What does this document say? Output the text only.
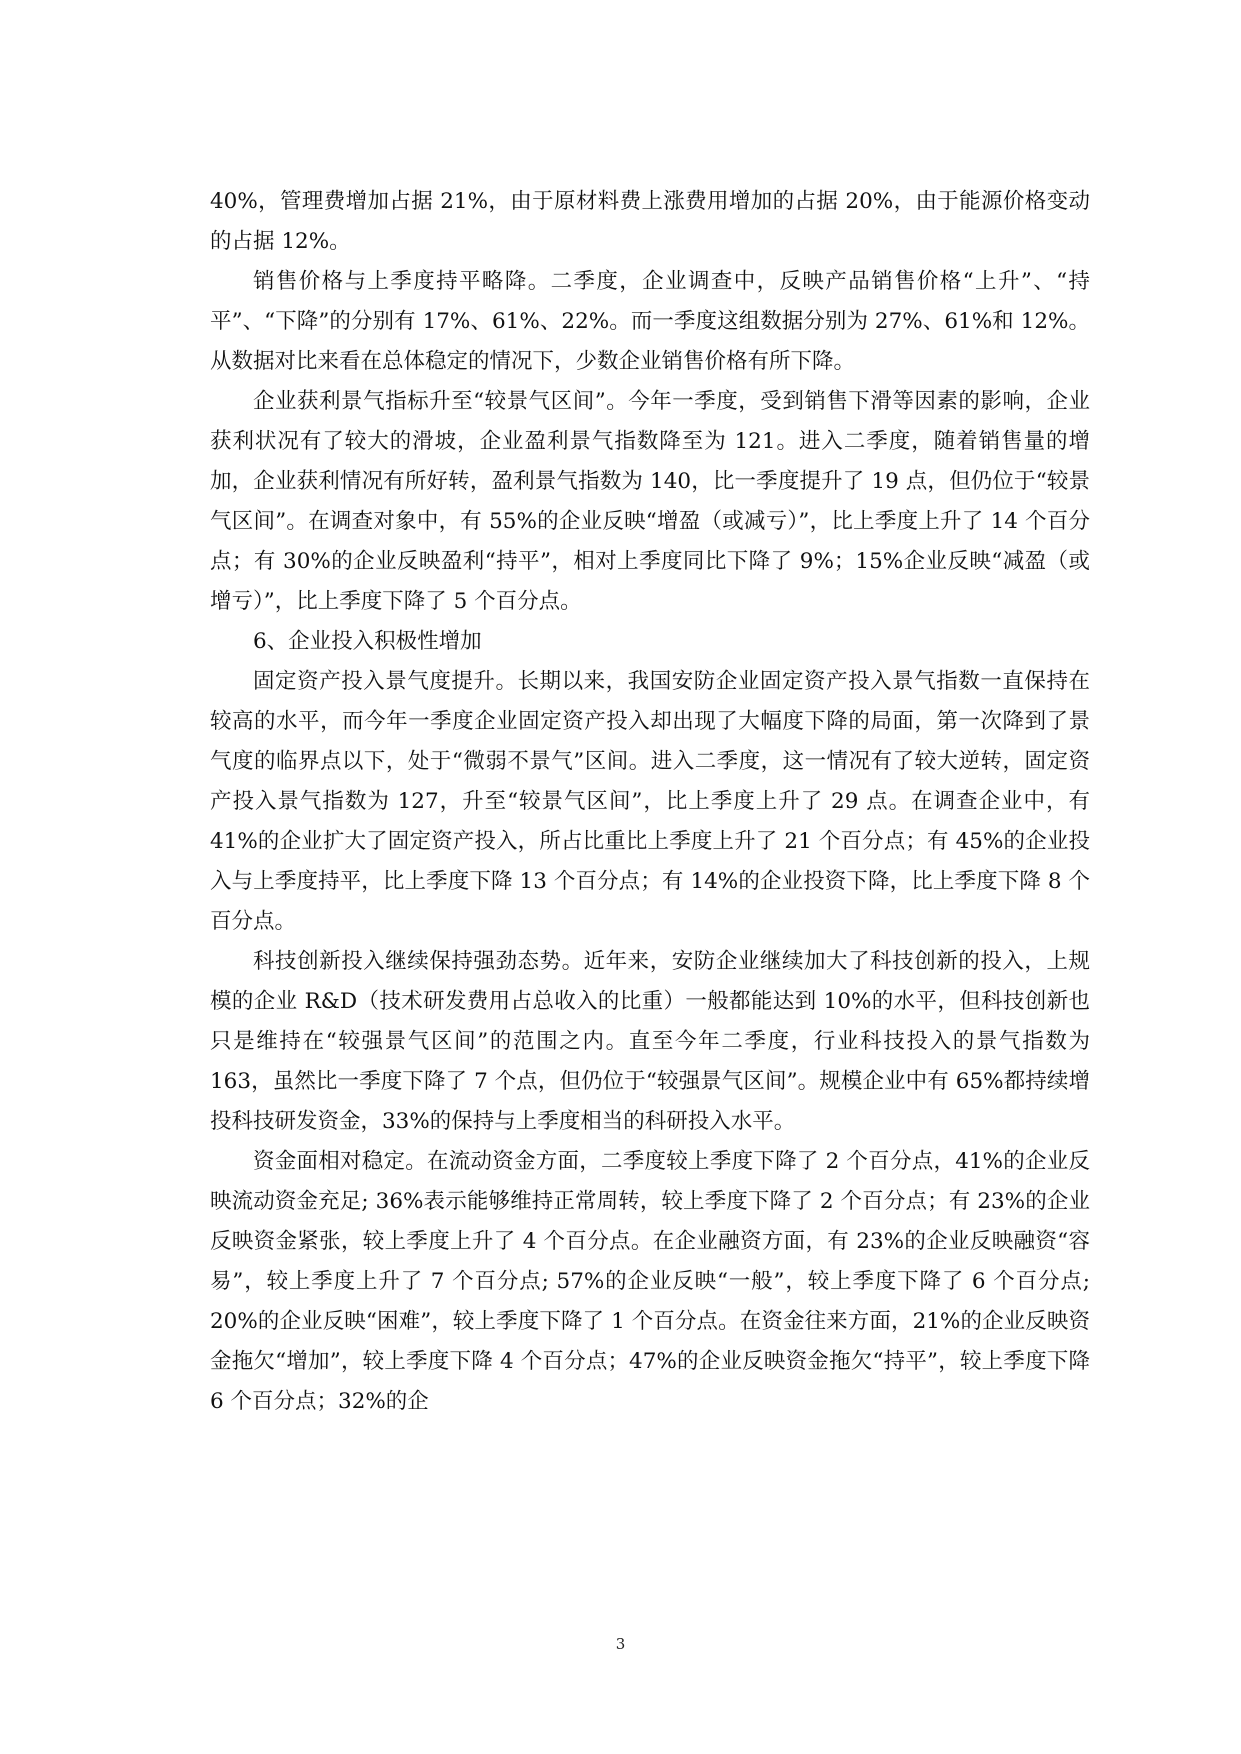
40%，管理费增加占据 21%，由于原材料费上涨费用增加的占据 20%，由于能源价格变动的占据 12%。

销售价格与上季度持平略降。二季度，企业调查中，反映产品销售价格“上升”、“持平”、“下降”的分别有 17%、61%、22%。而一季度这组数据分别为 27%、61%和 12%。从数据对比来看在总体稳定的情况下，少数企业销售价格有所下降。

企业获利景气指标升至“较景气区间”。今年一季度，受到销售下滑等因素的影响，企业获利状况有了较大的滑坡，企业盈利景气指数降至为 121。进入二季度，随着销售量的增加，企业获利情况有所好转，盈利景气指数为 140，比一季度提升了 19 点，但仍位于“较景气区间”。在调查对象中，有 55%的企业反映“增盈（或减亏）”，比上季度上升了 14 个百分点；有 30%的企业反映盈利“持平”，相对上季度同比下降了 9%；15%企业反映“减盈（或增亏）”，比上季度下降了 5 个百分点。

6、企业投入积极性增加

固定资产投入景气度提升。长期以来，我国安防企业固定资产投入景气指数一直保持在较高的水平，而今年一季度企业固定资产投入却出现了大幅度下降的局面，第一次降到了景气度的临界点以下，处于“微弱不景气”区间。进入二季度，这一情况有了较大逆转，固定资产投入景气指数为 127，升至“较景气区间”，比上季度上升了 29 点。在调查企业中，有 41%的企业扩大了固定资产投入，所占比重比上季度上升了 21 个百分点；有 45%的企业投入与上季度持平，比上季度下降 13 个百分点；有 14%的企业投资下降，比上季度下降 8 个百分点。

科技创新投入继续保持强劲态势。近年来，安防企业继续加大了科技创新的投入，上规模的企业 R&D（技术研发费用占总收入的比重）一般都能达到 10%的水平，但科技创新也只是维持在“较强景气区间”的范围之内。直至今年二季度，行业科技投入的景气指数为 163，虽然比一季度下降了 7 个点，但仍位于“较强景气区间”。规模企业中有 65%都持续增投科技研发资金，33%的保持与上季度相当的科研投入水平。

资金面相对稳定。在流动资金方面，二季度较上季度下降了 2 个百分点，41%的企业反映流动资金充足; 36%表示能够维持正常周转，较上季度下降了 2 个百分点；有 23%的企业反映资金紧张，较上季度上升了 4 个百分点。在企业融资方面，有 23%的企业反映融资“容易”，较上季度上升了 7 个百分点; 57%的企业反映“一般”，较上季度下降了 6 个百分点; 20%的企业反映“困难”，较上季度下降了 1 个百分点。在资金往来方面，21%的企业反映资金拖欠“增加”，较上季度下降 4 个百分点；47%的企业反映资金拖欠“持平”，较上季度下降 6 个百分点；32%的企

3
